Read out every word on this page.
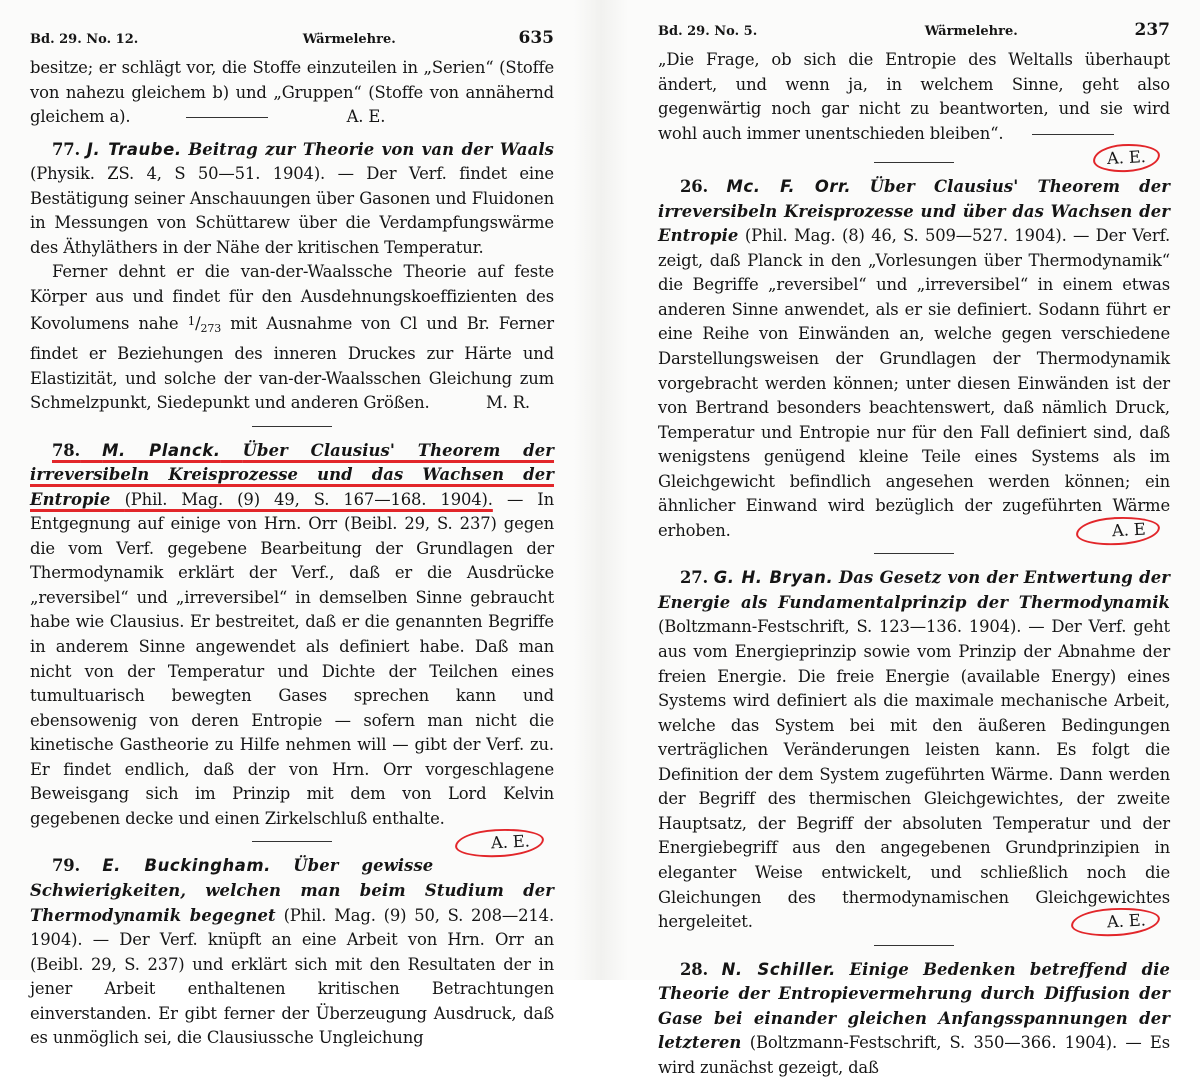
Bd. 29. No. 12.	Wärmelehre.	635

besitze; er schlägt vor, die Stoffe einzuteilen in „Serien“ (Stoffe von nahezu gleichem b) und „Gruppen“ (Stoffe von annähernd gleichem a).	A. E.

77. J. Traube. Beitrag zur Theorie von van der Waals (Physik. ZS. 4, S 50—51. 1904). — Der Verf. findet eine Bestätigung seiner Anschauungen über Gasonen und Fluidonen in Messungen von Schüttarew über die Verdampfungswärme des Äthyläthers in der Nähe der kritischen Temperatur.

Ferner dehnt er die van-der-Waalssche Theorie auf feste Körper aus und findet für den Ausdehnungskoeffizienten des Kovolumens nahe $^1$/273 mit Ausnahme von Cl und Br. Ferner findet er Beziehungen des inneren Druckes zur Härte und Elastizität, und solche der van-der-Waalsschen Gleichung zum Schmelzpunkt, Siedepunkt und anderen Größen.	M. R.

78. M. Planck. Über Clausius' Theorem der irreversibeln Kreisprozesse und das Wachsen der Entropie (Phil. Mag. (9) 49, S. 167—168. 1904). — In Entgegnung auf einige von Hrn. Orr (Beibl. 29, S. 237) gegen die vom Verf. gegebene Bearbeitung der Grundlagen der Thermodynamik erklärt der Verf., daß er die Ausdrücke „reversibel“ und „irreversibel“ in demselben Sinne gebraucht habe wie Clausius. Er bestreitet, daß er die genannten Begriffe in anderem Sinne angewendet als definiert habe. Daß man nicht von der Temperatur und Dichte der Teilchen eines tumultuarisch bewegten Gases sprechen kann und ebensowenig von deren Entropie — sofern man nicht die kinetische Gastheorie zu Hilfe nehmen will — gibt der Verf. zu. Er findet endlich, daß der von Hrn. Orr vorgeschlagene Beweisgang sich im Prinzip mit dem von Lord Kelvin gegebenen decke und einen Zirkelschluß enthalte.
A. E.

79. E. Buckingham. Über gewisse Schwierigkeiten, welchen man beim Studium der Thermodynamik begegnet (Phil. Mag. (9) 50, S. 208—214. 1904). — Der Verf. knüpft an eine Arbeit von Hrn. Orr an (Beibl. 29, S. 237) und erklärt sich mit den Resultaten der in jener Arbeit enthaltenen kritischen Betrachtungen einverstanden. Er gibt ferner der Überzeugung Ausdruck, daß es unmöglich sei, die Clausiussche Ungleichung

Bd. 29. No. 5.	Wärmelehre.	237

„Die Frage, ob sich die Entropie des Weltalls überhaupt ändert, und wenn ja, in welchem Sinne, geht also gegenwärtig noch gar nicht zu beantworten, und sie wird wohl auch immer unentschieden bleiben“.
A. E.

26. Mc. F. Orr. Über Clausius' Theorem der irreversibeln Kreisprozesse und über das Wachsen der Entropie (Phil. Mag. (8) 46, S. 509—527. 1904). — Der Verf. zeigt, daß Planck in den „Vorlesungen über Thermodynamik“ die Begriffe „reversibel“ und „irreversibel“ in einem etwas anderen Sinne anwendet, als er sie definiert. Sodann führt er eine Reihe von Einwänden an, welche gegen verschiedene Darstellungsweisen der Grundlagen der Thermodynamik vorgebracht werden können; unter diesen Einwänden ist der von Bertrand besonders beachtenswert, daß nämlich Druck, Temperatur und Entropie nur für den Fall definiert sind, daß wenigstens genügend kleine Teile eines Systems als im Gleichgewicht befindlich angesehen werden können; ein ähnlicher Einwand wird bezüglich der zugeführten Wärme erhoben.	A. E

27. G. H. Bryan. Das Gesetz von der Entwertung der Energie als Fundamentalprinzip der Thermodynamik (Boltzmann-Festschrift, S. 123—136. 1904). — Der Verf. geht aus vom Energieprinzip sowie vom Prinzip der Abnahme der freien Energie. Die freie Energie (available Energy) eines Systems wird definiert als die maximale mechanische Arbeit, welche das System bei mit den äußeren Bedingungen verträglichen Veränderungen leisten kann. Es folgt die Definition der dem System zugeführten Wärme. Dann werden der Begriff des thermischen Gleichgewichtes, der zweite Hauptsatz, der Begriff der absoluten Temperatur und der Energiebegriff aus den angegebenen Grundprinzipien in eleganter Weise entwickelt, und schließlich noch die Gleichungen des thermodynamischen Gleichgewichtes hergeleitet.	A. E.

28. N. Schiller. Einige Bedenken betreffend die Theorie der Entropievermehrung durch Diffusion der Gase bei einander gleichen Anfangsspannungen der letzteren (Boltzmann-Festschrift, S. 350—366. 1904). — Es wird zunächst gezeigt, daß
